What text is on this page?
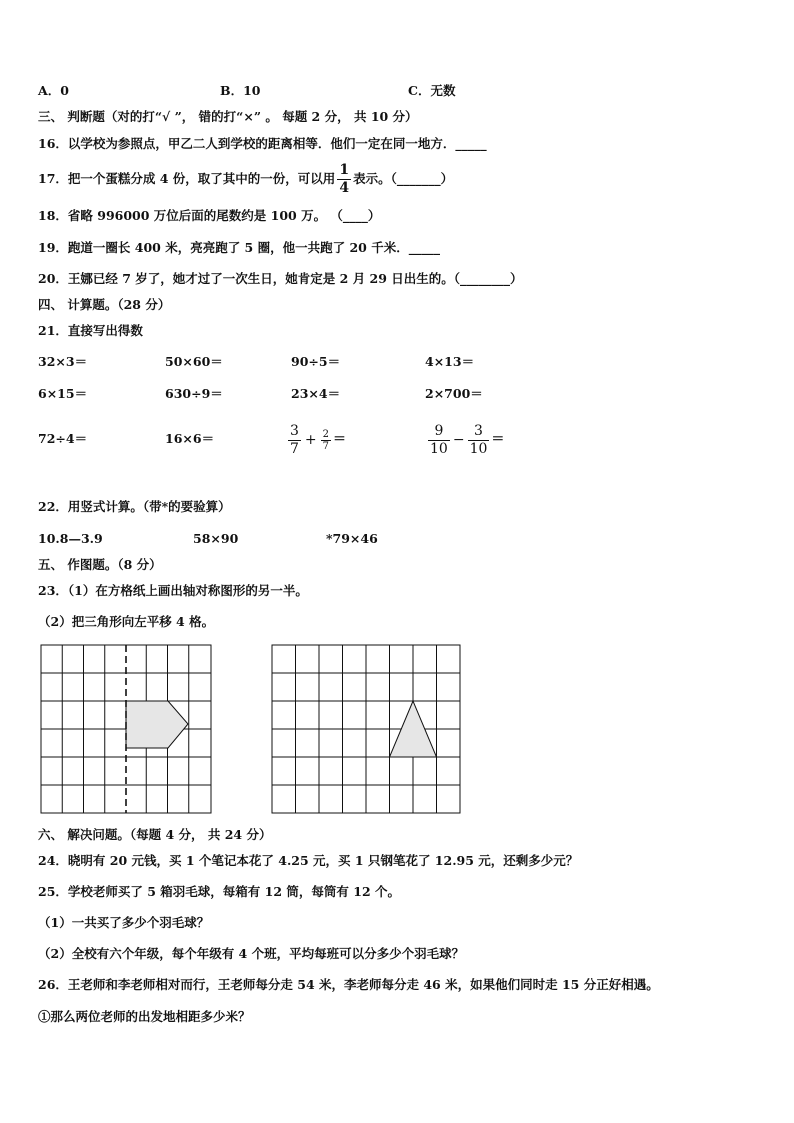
A．0	B．10	C．无数
三、 判断题（对的打“√ ”， 错的打“×” 。 每题 2 分， 共 10 分）
16．以学校为参照点，甲乙二人到学校的距离相等．他们一定在同一地方．_____
17．把一个蛋糕分成 4 份，取了其中的一份，可以用 $\frac{1}{4}$ 表示。（_______）
18．省略 996000 万位后面的尾数约是 100 万。 （____）
19．跑道一圈长 400 米，亮亮跑了 5 圈，他一共跑了 20 千米．_____
20．王娜已经 7 岁了，她才过了一次生日，她肯定是 2 月 29 日出生的。（________）
四、 计算题。（28 分）
21．直接写出得数
32×3＝	50×60＝	90÷5＝	4×13＝
6×15＝	630÷9＝	23×4＝	2×700＝
72÷4＝	16×6＝	$\frac{3}{7} + \frac{2}{7}$ ＝	$\frac{9}{10} - \frac{3}{10}$ ＝
22．用竖式计算。（带*的要验算）
10.8—3.9	58×90	*79×46
五、 作图题。（8 分）
23．（1）在方格纸上画出轴对称图形的另一半。
（2）把三角形向左平移 4 格。
六、 解决问题。（每题 4 分， 共 24 分）
24．晓明有 20 元钱，买 1 个笔记本花了 4.25 元，买 1 只钢笔花了 12.95 元，还剩多少元？
25．学校老师买了 5 箱羽毛球，每箱有 12 筒，每筒有 12 个。
（1）一共买了多少个羽毛球？
（2）全校有六个年级，每个年级有 4 个班，平均每班可以分多少个羽毛球？
26．王老师和李老师相对而行，王老师每分走 54 米，李老师每分走 46 米，如果他们同时走 15 分正好相遇。
①那么两位老师的出发地相距多少米？
